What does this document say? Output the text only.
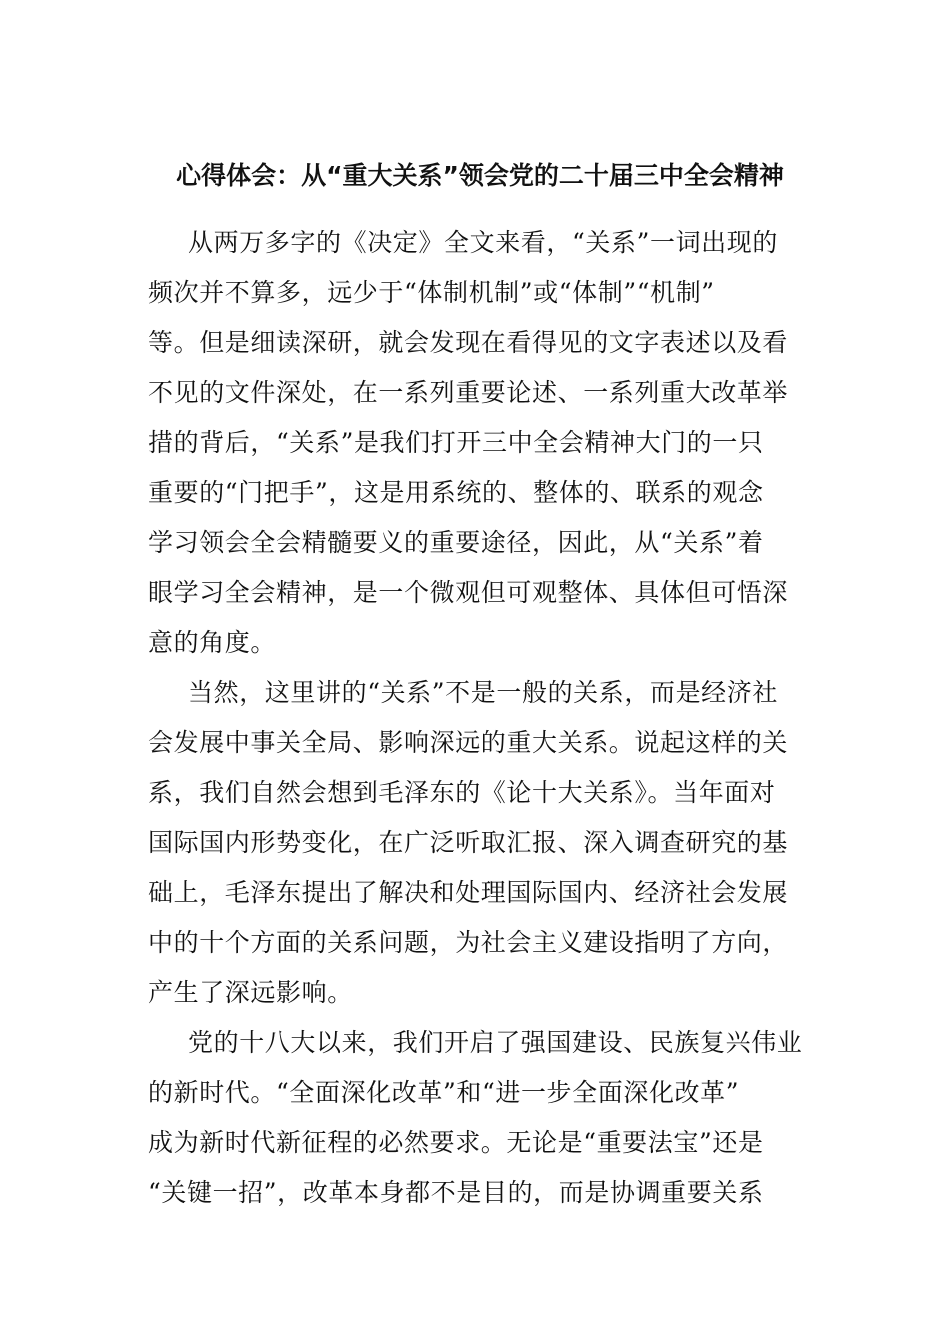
心得体会：从“重大关系”领会党的二十届三中全会精神

从两万多字的《决定》全文来看，“关系”一词出现的
频次并不算多，远少于“体制机制”或“体制”“机制”
等。但是细读深研，就会发现在看得见的文字表述以及看
不见的文件深处，在一系列重要论述、一系列重大改革举
措的背后，“关系”是我们打开三中全会精神大门的一只
重要的“门把手”，这是用系统的、整体的、联系的观念
学习领会全会精髓要义的重要途径，因此，从“关系”着
眼学习全会精神，是一个微观但可观整体、具体但可悟深
意的角度。

当然，这里讲的“关系”不是一般的关系，而是经济社
会发展中事关全局、影响深远的重大关系。说起这样的关
系，我们自然会想到毛泽东的《论十大关系》。当年面对
国际国内形势变化，在广泛听取汇报、深入调查研究的基
础上，毛泽东提出了解决和处理国际国内、经济社会发展
中的十个方面的关系问题，为社会主义建设指明了方向，
产生了深远影响。

党的十八大以来，我们开启了强国建设、民族复兴伟业
的新时代。“全面深化改革”和“进一步全面深化改革”
成为新时代新征程的必然要求。无论是“重要法宝”还是
“关键一招”，改革本身都不是目的，而是协调重要关系
